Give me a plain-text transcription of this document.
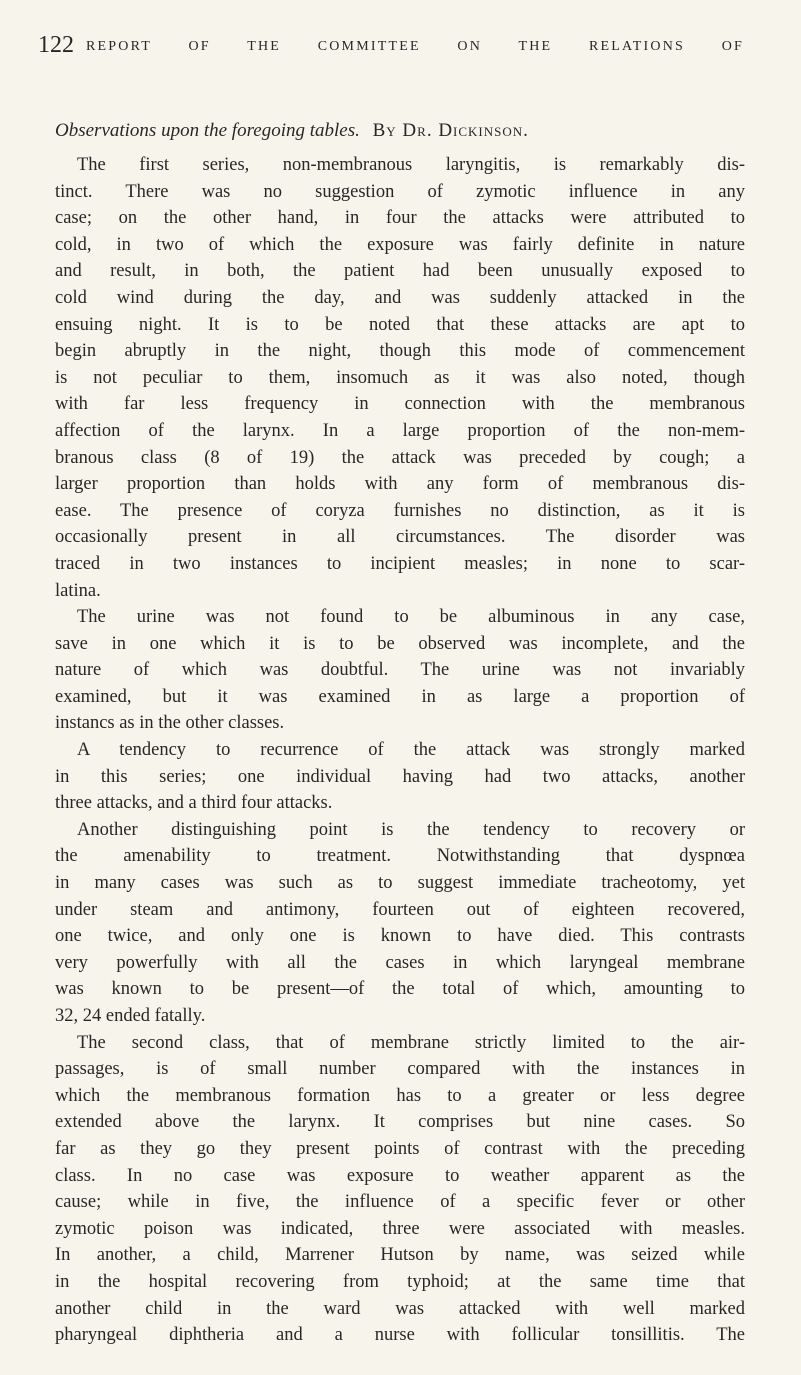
122 REPORT OF THE COMMITTEE ON THE RELATIONS OF
Observations upon the foregoing tables. By Dr. Dickinson.
The first series, non-membranous laryngitis, is remarkably dis-
tinct. There was no suggestion of zymotic influence in any
case; on the other hand, in four the attacks were attributed to
cold, in two of which the exposure was fairly definite in nature
and result, in both, the patient had been unusually exposed to
cold wind during the day, and was suddenly attacked in the
ensuing night. It is to be noted that these attacks are apt to
begin abruptly in the night, though this mode of commencement
is not peculiar to them, insomuch as it was also noted, though
with far less frequency in connection with the membranous
affection of the larynx. In a large proportion of the non-mem-
branous class (8 of 19) the attack was preceded by cough; a
larger proportion than holds with any form of membranous dis-
ease. The presence of coryza furnishes no distinction, as it is
occasionally present in all circumstances. The disorder was
traced in two instances to incipient measles; in none to scar-
latina.
The urine was not found to be albuminous in any case,
save in one which it is to be observed was incomplete, and the
nature of which was doubtful. The urine was not invariably
examined, but it was examined in as large a proportion of
instancs as in the other classes.
A tendency to recurrence of the attack was strongly marked
in this series; one individual having had two attacks, another
three attacks, and a third four attacks.
Another distinguishing point is the tendency to recovery or
the amenability to treatment. Notwithstanding that dyspnœa
in many cases was such as to suggest immediate tracheotomy, yet
under steam and antimony, fourteen out of eighteen recovered,
one twice, and only one is known to have died. This contrasts
very powerfully with all the cases in which laryngeal membrane
was known to be present—of the total of which, amounting to
32, 24 ended fatally.
The second class, that of membrane strictly limited to the air-
passages, is of small number compared with the instances in
which the membranous formation has to a greater or less degree
extended above the larynx. It comprises but nine cases. So
far as they go they present points of contrast with the preceding
class. In no case was exposure to weather apparent as the
cause; while in five, the influence of a specific fever or other
zymotic poison was indicated, three were associated with measles.
In another, a child, Marrener Hutson by name, was seized while
in the hospital recovering from typhoid; at the same time that
another child in the ward was attacked with well marked
pharyngeal diphtheria and a nurse with follicular tonsillitis. The
